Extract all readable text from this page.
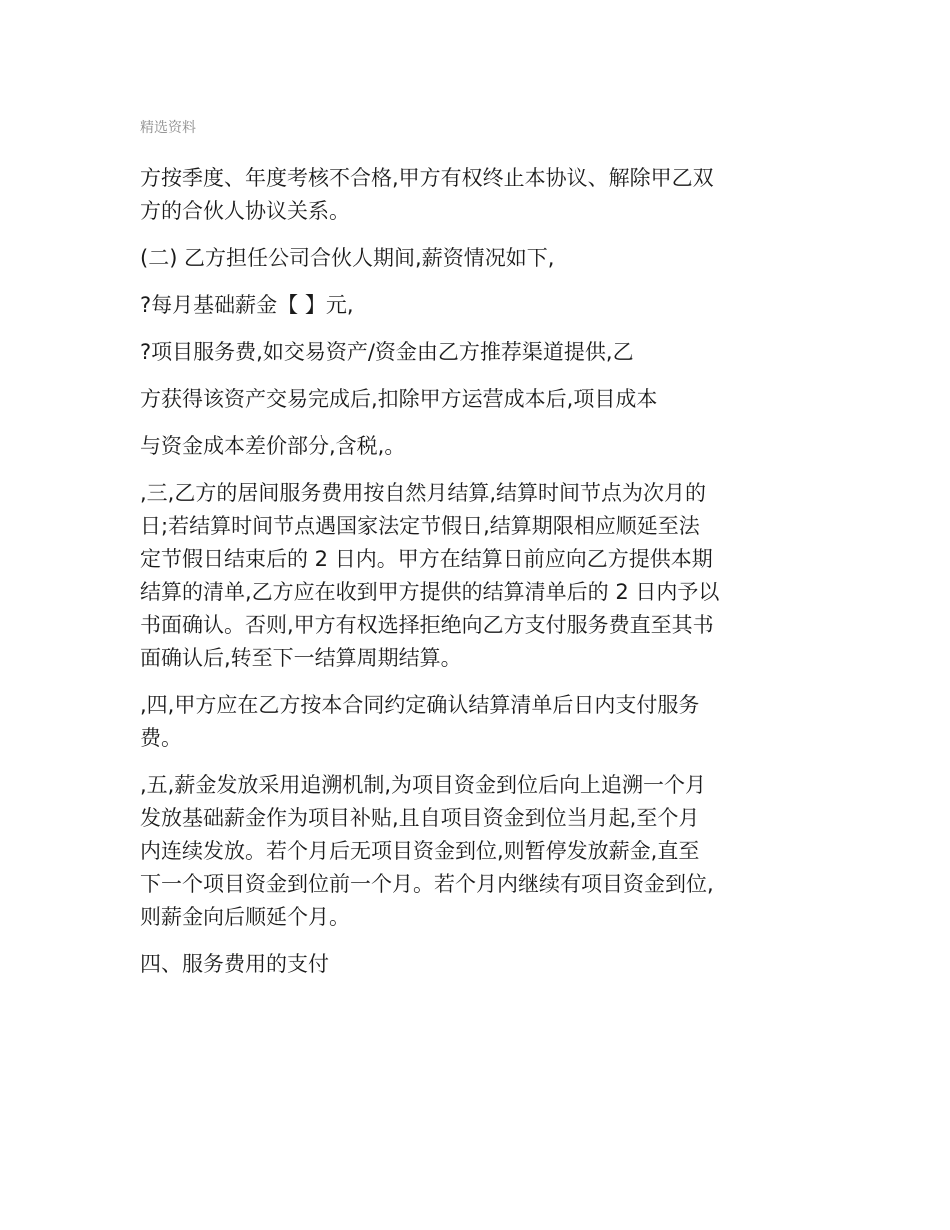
精选资料

方按季度、年度考核不合格,甲方有权终止本协议、解除甲乙双
方的合伙人协议关系。

(二) 乙方担任公司合伙人期间,薪资情况如下,

?每月基础薪金【 】元,

?项目服务费,如交易资产/资金由乙方推荐渠道提供,乙

方获得该资产交易完成后,扣除甲方运营成本后,项目成本

与资金成本差价部分,含税,。

,三,乙方的居间服务费用按自然月结算,结算时间节点为次月的
日;若结算时间节点遇国家法定节假日,结算期限相应顺延至法
定节假日结束后的 2 日内。甲方在结算日前应向乙方提供本期
结算的清单,乙方应在收到甲方提供的结算清单后的 2 日内予以
书面确认。否则,甲方有权选择拒绝向乙方支付服务费直至其书
面确认后,转至下一结算周期结算。

,四,甲方应在乙方按本合同约定确认结算清单后日内支付服务
费。

,五,薪金发放采用追溯机制,为项目资金到位后向上追溯一个月
发放基础薪金作为项目补贴,且自项目资金到位当月起,至个月
内连续发放。若个月后无项目资金到位,则暂停发放薪金,直至
下一个项目资金到位前一个月。若个月内继续有项目资金到位,
则薪金向后顺延个月。

四、服务费用的支付
